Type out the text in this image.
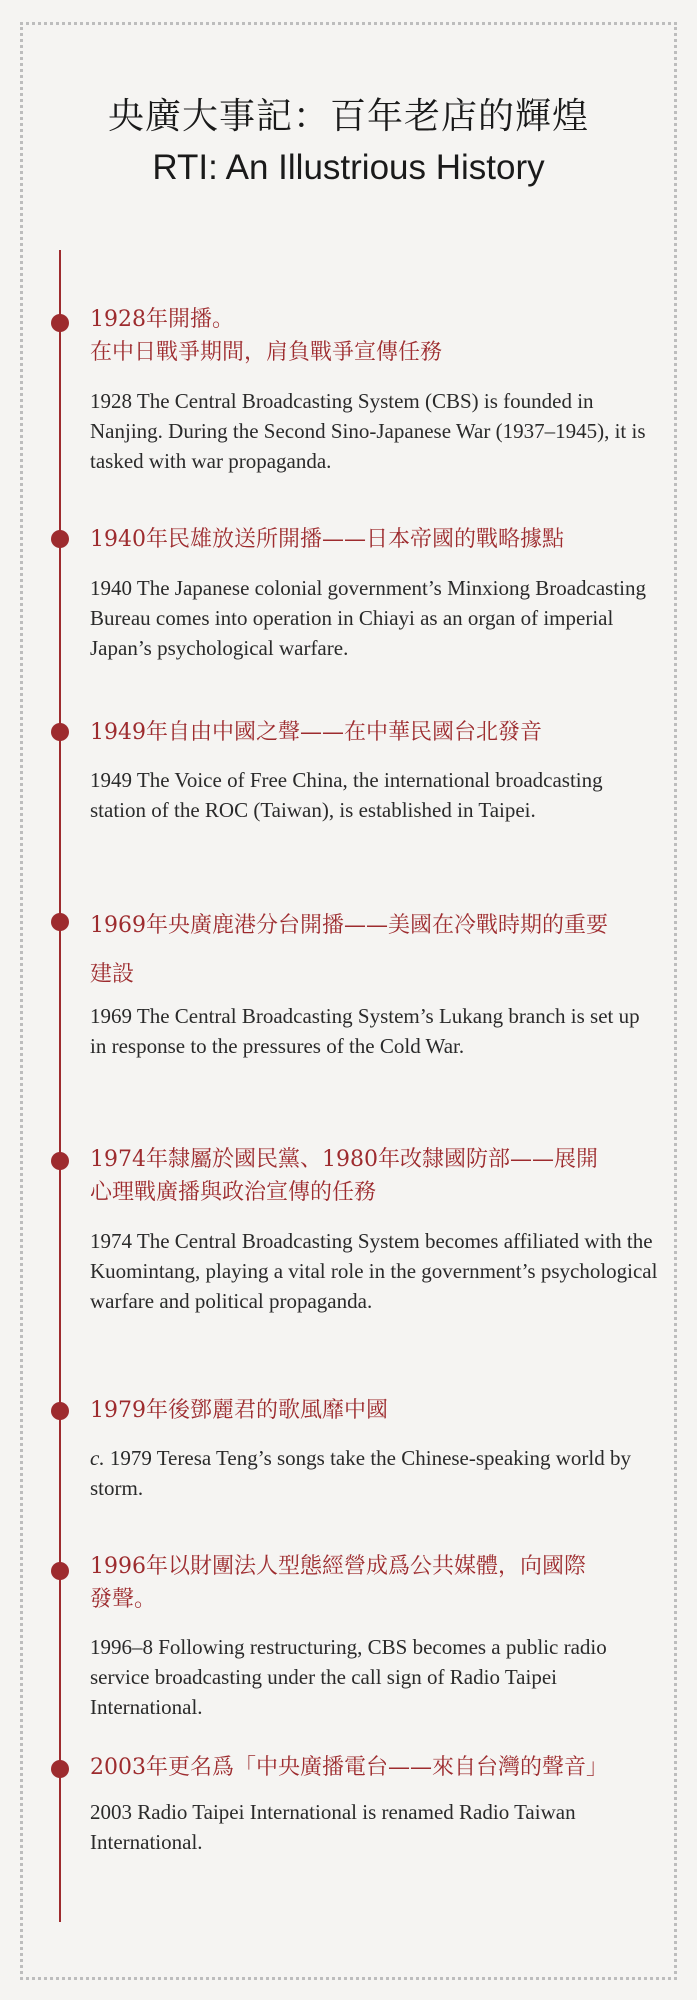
央廣大事記：百年老店的輝煌
RTI: An Illustrious History
1928年開播。
在中日戰爭期間，肩負戰爭宣傳任務
1928 The Central Broadcasting System (CBS) is founded in Nanjing. During the Second Sino-Japanese War (1937–1945), it is tasked with war propaganda.
1940年民雄放送所開播——日本帝國的戰略據點
1940 The Japanese colonial government’s Minxiong Broadcasting Bureau comes into operation in Chiayi as an organ of imperial Japan’s psychological warfare.
1949年自由中國之聲——在中華民國台北發音
1949 The Voice of Free China, the international broadcasting station of the ROC (Taiwan), is established in Taipei.
1969年央廣鹿港分台開播——美國在冷戰時期的重要
建設
1969 The Central Broadcasting System’s Lukang branch is set up in response to the pressures of the Cold War.
1974年隸屬於國民黨、1980年改隸國防部——展開
心理戰廣播與政治宣傳的任務
1974 The Central Broadcasting System becomes affiliated with the Kuomintang, playing a vital role in the government’s psychological warfare and political propaganda.
1979年後鄧麗君的歌風靡中國
c. 1979 Teresa Teng’s songs take the Chinese-speaking world by storm.
1996年以財團法人型態經營成爲公共媒體，向國際
發聲。
1996–8 Following restructuring, CBS becomes a public radio service broadcasting under the call sign of Radio Taipei International.
2003年更名爲「中央廣播電台——來自台灣的聲音」
2003 Radio Taipei International is renamed Radio Taiwan International.
